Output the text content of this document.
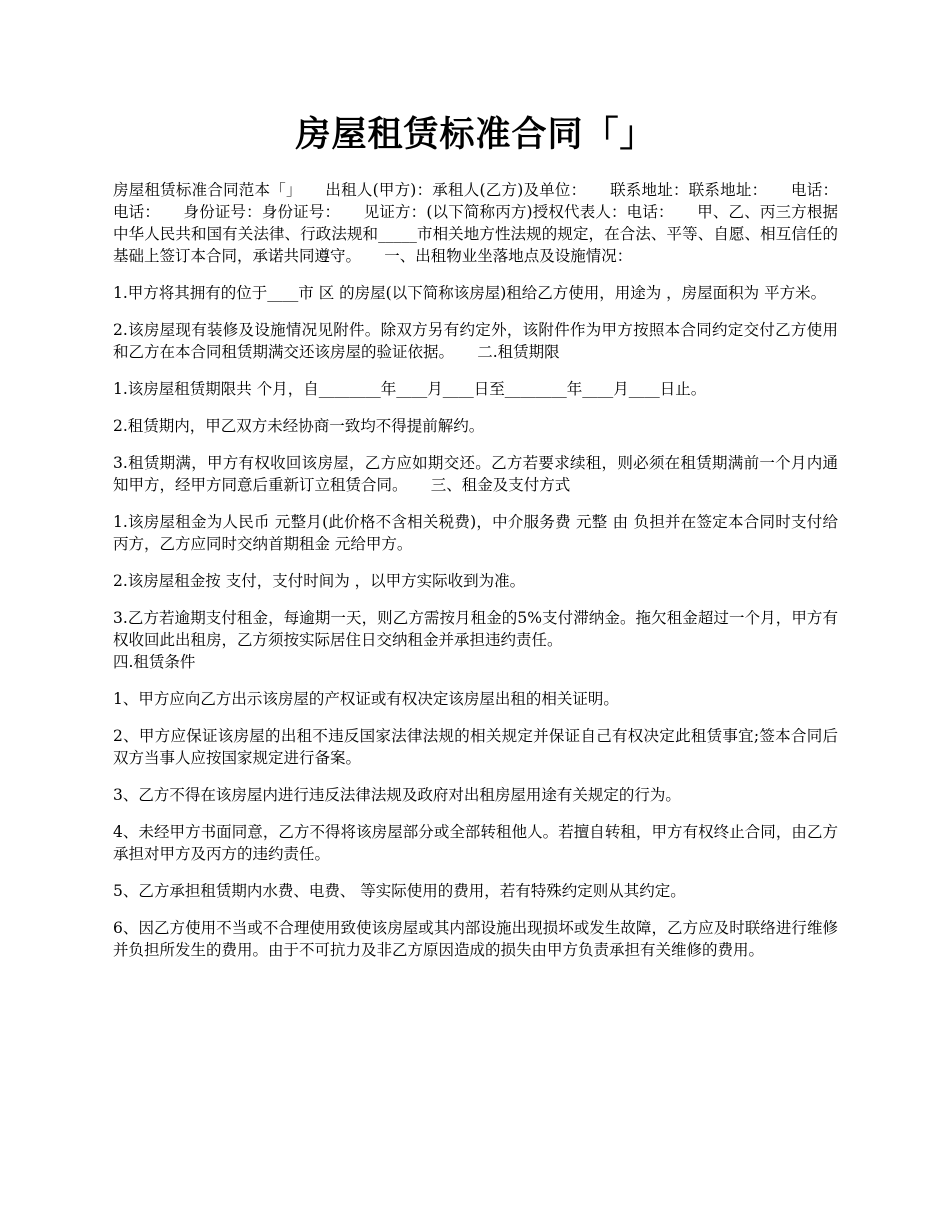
房屋租赁标准合同「」

房屋租赁标准合同范本「」　　出租人(甲方)：承租人(乙方)及单位：　　联系地址：联系地址：　　电话：电话：　　身份证号：身份证号：　　见证方：(以下简称丙方)授权代表人：电话：　　甲、乙、丙三方根据中华人民共和国有关法律、行政法规和_____市相关地方性法规的规定，在合法、平等、自愿、相互信任的基础上签订本合同，承诺共同遵守。　　一、出租物业坐落地点及设施情况：

1.甲方将其拥有的位于____市 区 的房屋(以下简称该房屋)租给乙方使用，用途为 ，房屋面积为 平方米。

2.该房屋现有装修及设施情况见附件。除双方另有约定外，该附件作为甲方按照本合同约定交付乙方使用和乙方在本合同租赁期满交还该房屋的验证依据。　　二.租赁期限

1.该房屋租赁期限共 个月，自________年____月____日至________年____月____日止。

2.租赁期内，甲乙双方未经协商一致均不得提前解约。

3.租赁期满，甲方有权收回该房屋，乙方应如期交还。乙方若要求续租，则必须在租赁期满前一个月内通知甲方，经甲方同意后重新订立租赁合同。　　三、租金及支付方式

1.该房屋租金为人民币 元整月(此价格不含相关税费)，中介服务费 元整 由 负担并在签定本合同时支付给丙方，乙方应同时交纳首期租金 元给甲方。

2.该房屋租金按 支付，支付时间为 ，以甲方实际收到为准。

3.乙方若逾期支付租金，每逾期一天，则乙方需按月租金的5%支付滞纳金。拖欠租金超过一个月，甲方有权收回此出租房，乙方须按实际居住日交纳租金并承担违约责任。

四.租赁条件

1、甲方应向乙方出示该房屋的产权证或有权决定该房屋出租的相关证明。

2、甲方应保证该房屋的出租不违反国家法律法规的相关规定并保证自己有权决定此租赁事宜;签本合同后双方当事人应按国家规定进行备案。

3、乙方不得在该房屋内进行违反法律法规及政府对出租房屋用途有关规定的行为。

4、未经甲方书面同意，乙方不得将该房屋部分或全部转租他人。若擅自转租，甲方有权终止合同，由乙方承担对甲方及丙方的违约责任。

5、乙方承担租赁期内水费、电费、 等实际使用的费用，若有特殊约定则从其约定。

6、因乙方使用不当或不合理使用致使该房屋或其内部设施出现损坏或发生故障，乙方应及时联络进行维修并负担所发生的费用。由于不可抗力及非乙方原因造成的损失由甲方负责承担有关维修的费用。
